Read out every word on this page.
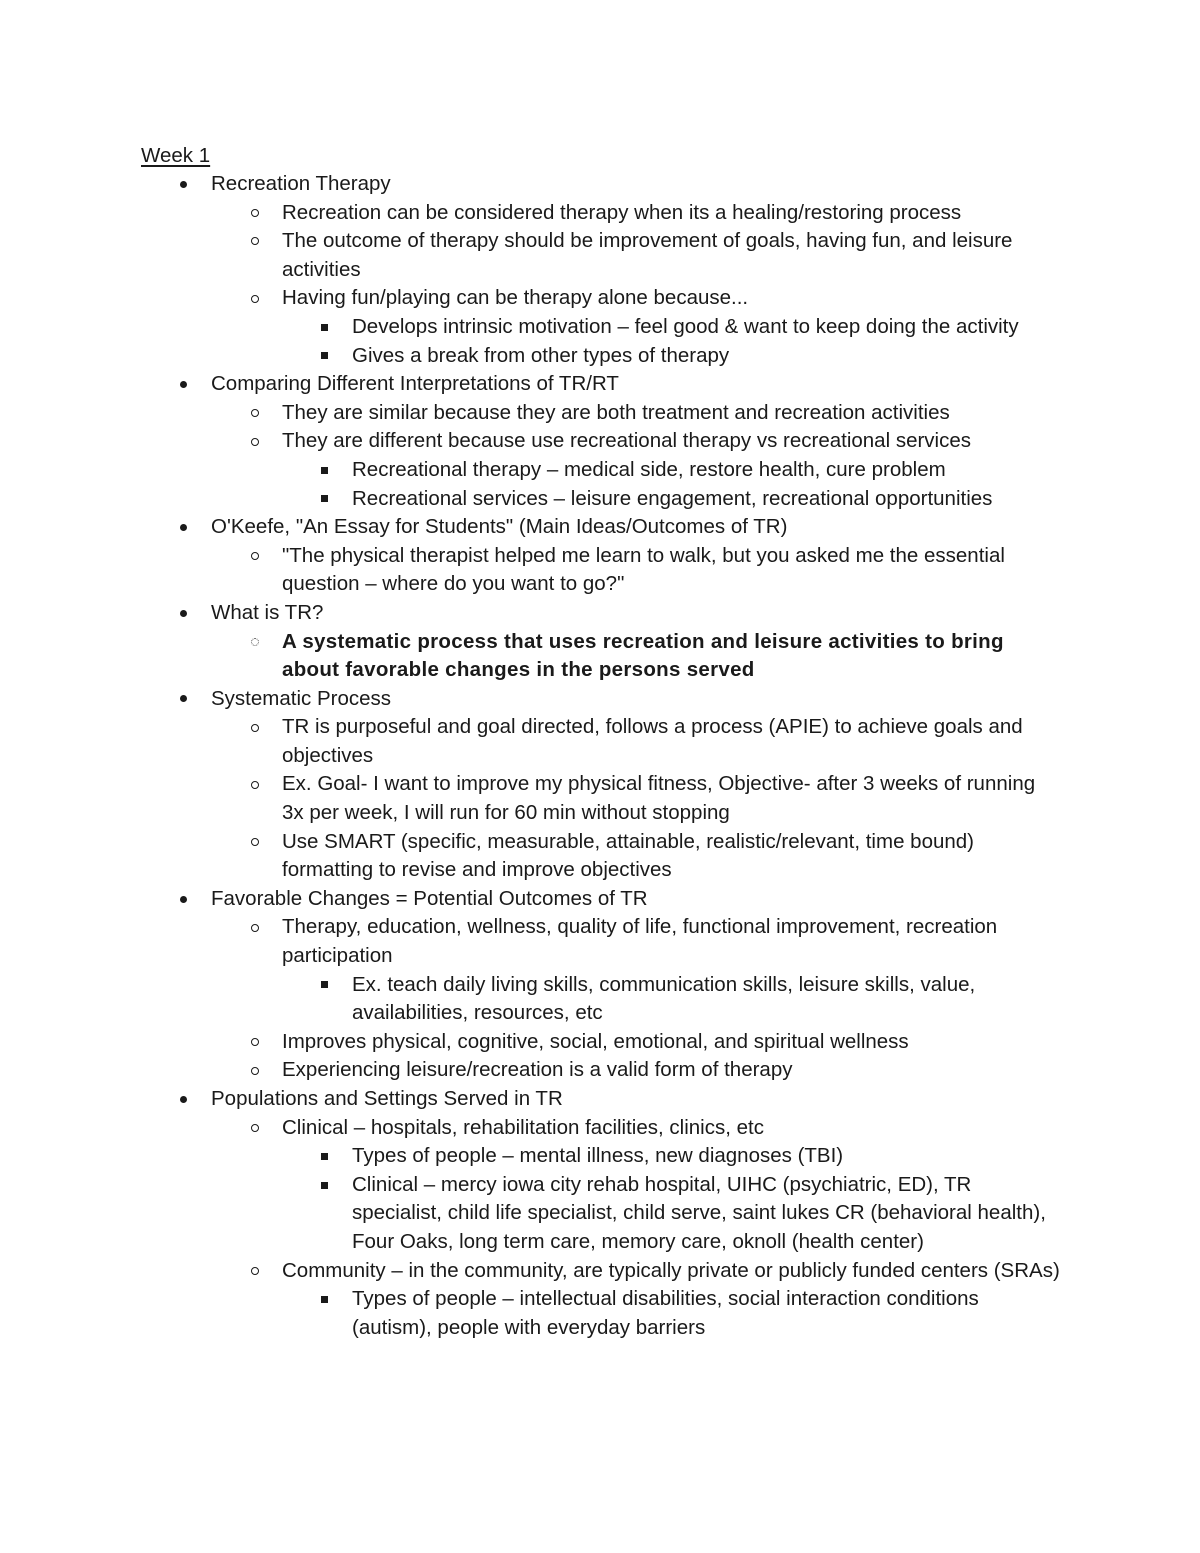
Week 1
Recreation Therapy
Recreation can be considered therapy when its a healing/restoring process
The outcome of therapy should be improvement of goals, having fun, and leisure activities
Having fun/playing can be therapy alone because...
Develops intrinsic motivation – feel good & want to keep doing the activity
Gives a break from other types of therapy
Comparing Different Interpretations of TR/RT
They are similar because they are both treatment and recreation activities
They are different because use recreational therapy vs recreational services
Recreational therapy – medical side, restore health, cure problem
Recreational services – leisure engagement, recreational opportunities
O'Keefe, "An Essay for Students" (Main Ideas/Outcomes of TR)
"The physical therapist helped me learn to walk, but you asked me the essential question – where do you want to go?"
What is TR?
A systematic process that uses recreation and leisure activities to bring about favorable changes in the persons served
Systematic Process
TR is purposeful and goal directed, follows a process (APIE) to achieve goals and objectives
Ex. Goal- I want to improve my physical fitness, Objective- after 3 weeks of running 3x per week, I will run for 60 min without stopping
Use SMART (specific, measurable, attainable, realistic/relevant, time bound) formatting to revise and improve objectives
Favorable Changes = Potential Outcomes of TR
Therapy, education, wellness, quality of life, functional improvement, recreation participation
Ex. teach daily living skills, communication skills, leisure skills, value, availabilities, resources, etc
Improves physical, cognitive, social, emotional, and spiritual wellness
Experiencing leisure/recreation is a valid form of therapy
Populations and Settings Served in TR
Clinical – hospitals, rehabilitation facilities, clinics, etc
Types of people – mental illness, new diagnoses (TBI)
Clinical – mercy iowa city rehab hospital, UIHC (psychiatric, ED), TR specialist, child life specialist, child serve, saint lukes CR (behavioral health), Four Oaks, long term care, memory care, oknoll (health center)
Community – in the community, are typically private or publicly funded centers (SRAs)
Types of people – intellectual disabilities, social interaction conditions (autism), people with everyday barriers
